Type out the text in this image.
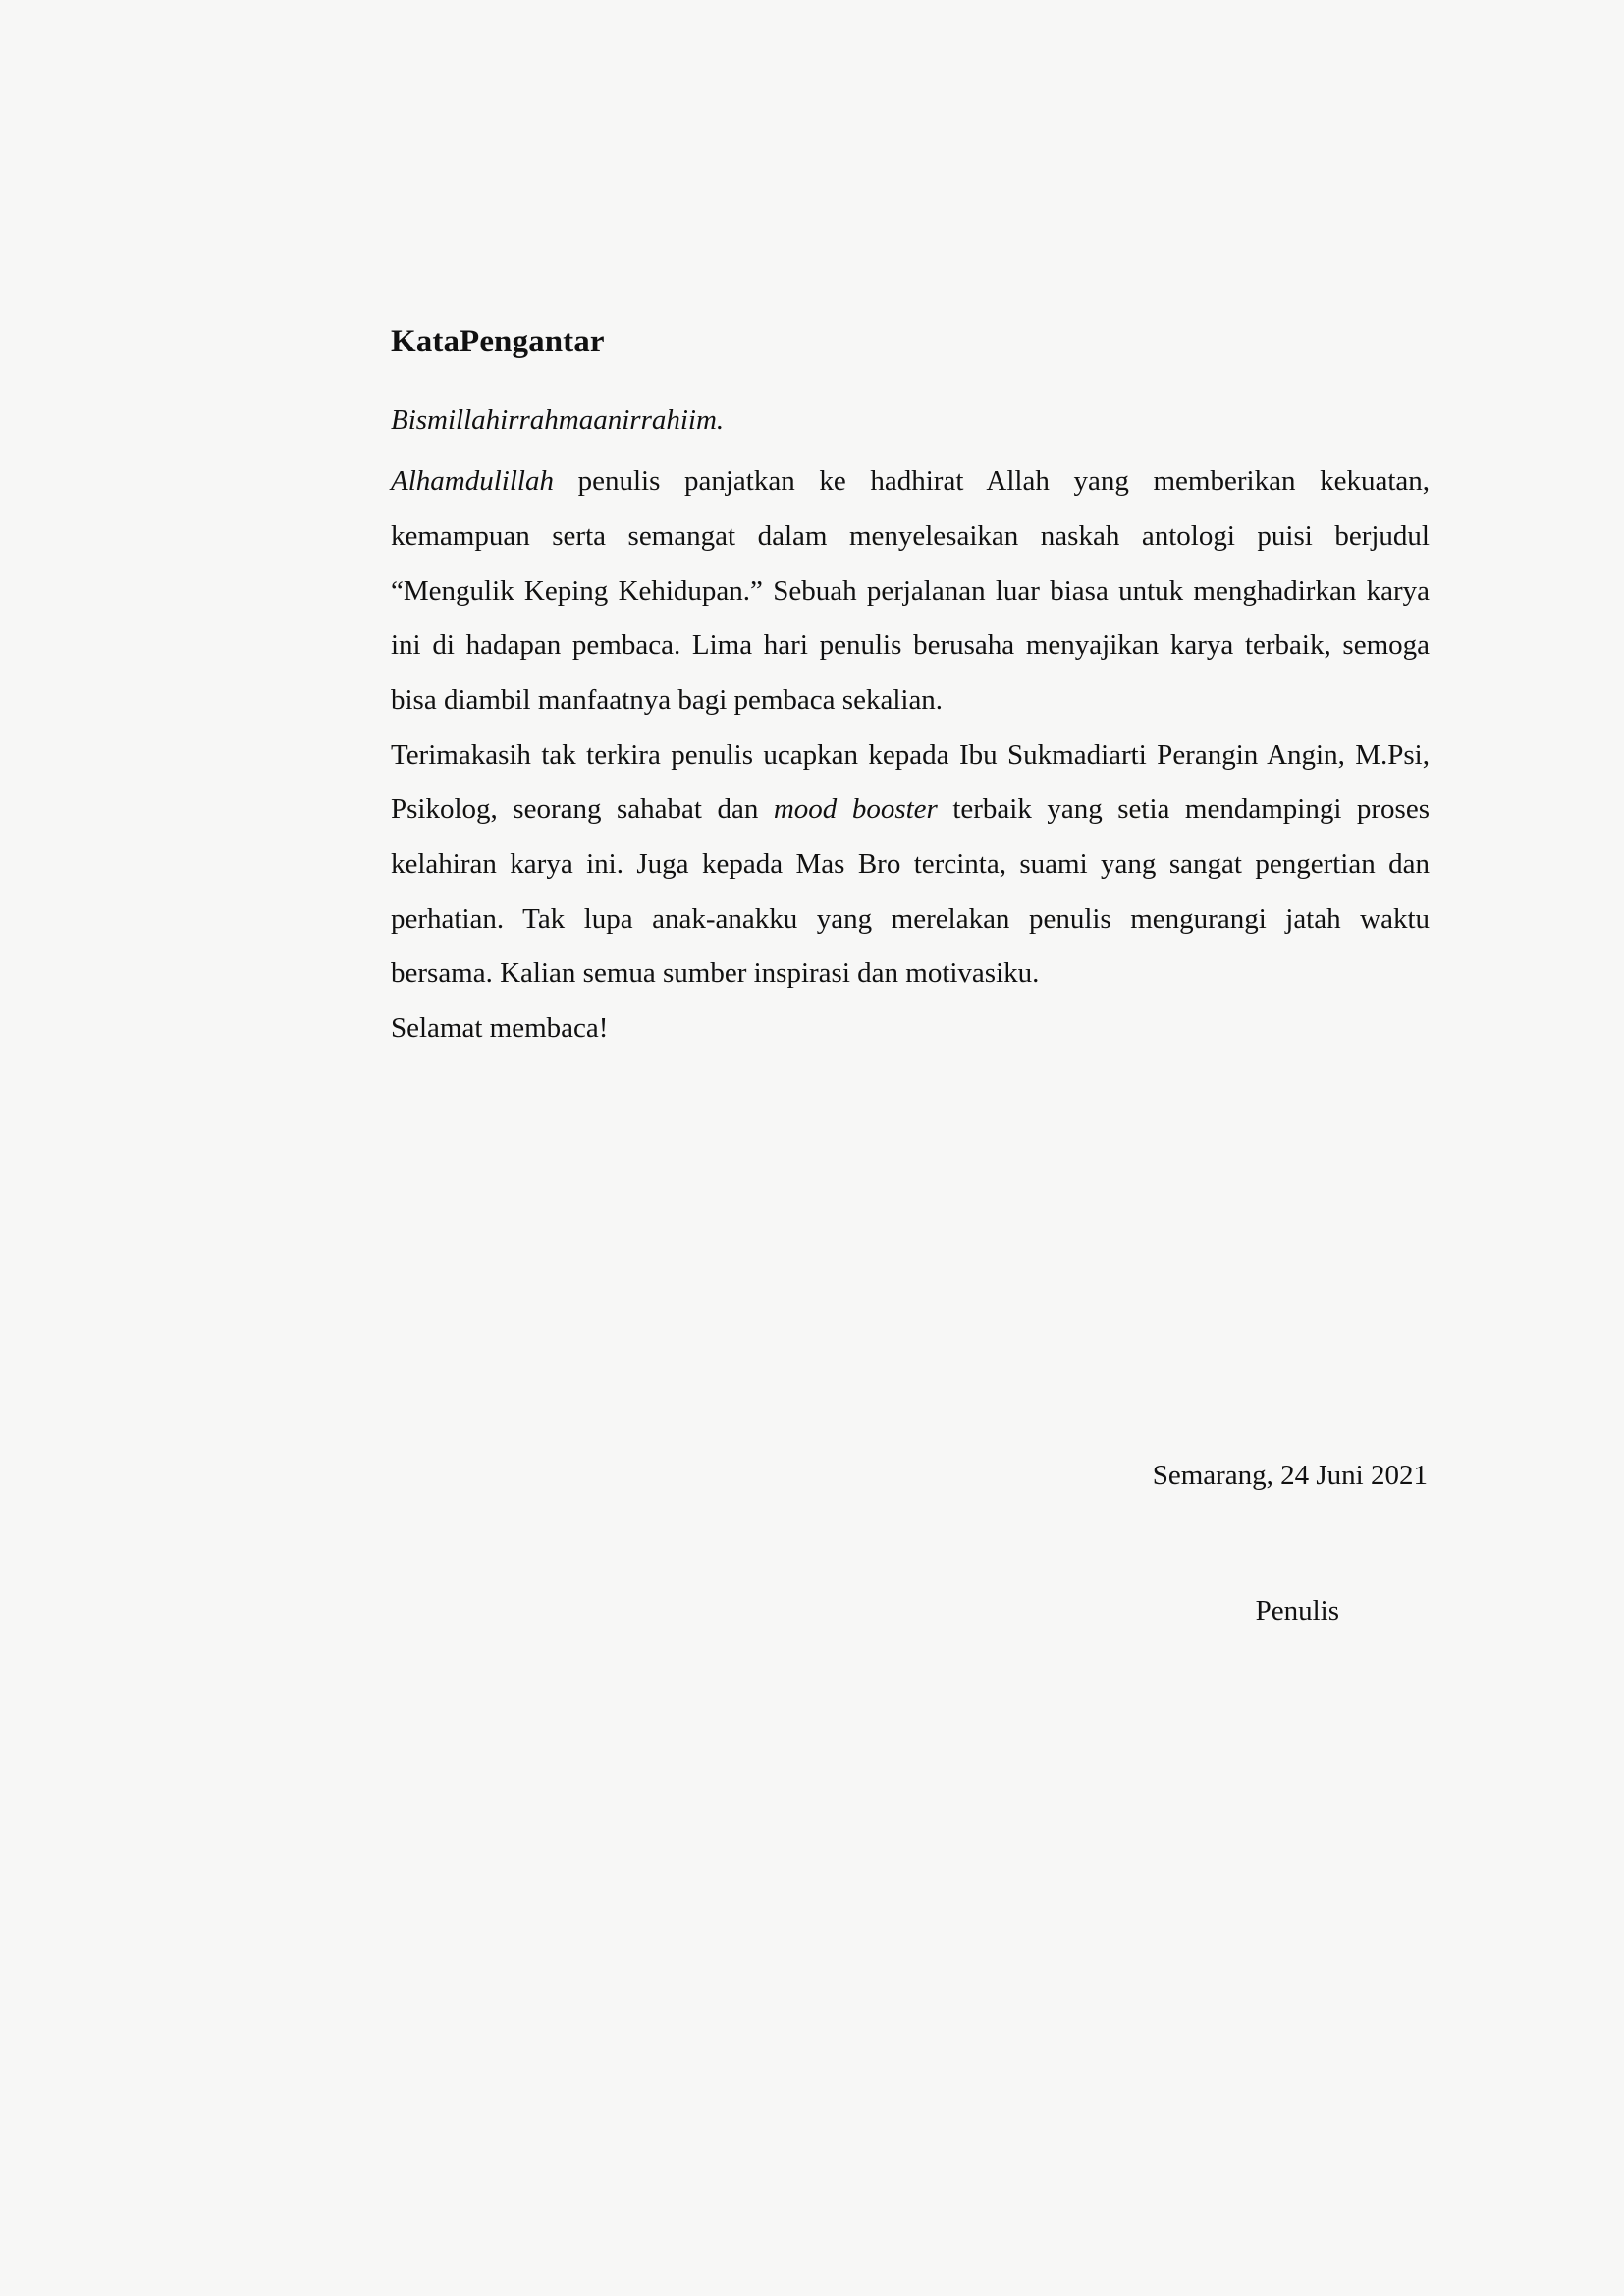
KataPengantar

Bismillahirrahmaanirrahiim.

Alhamdulillah penulis panjatkan ke hadhirat Allah yang memberikan kekuatan, kemampuan serta semangat dalam menyelesaikan naskah antologi puisi berjudul “Mengulik Keping Kehidupan.” Sebuah perjalanan luar biasa untuk menghadirkan karya ini di hadapan pembaca. Lima hari penulis berusaha menyajikan karya terbaik, semoga bisa diambil manfaatnya bagi pembaca sekalian.

Terimakasih tak terkira penulis ucapkan kepada Ibu Sukmadiarti Perangin Angin, M.Psi, Psikolog, seorang sahabat dan mood booster terbaik yang setia mendampingi proses kelahiran karya ini. Juga kepada Mas Bro tercinta, suami yang sangat pengertian dan perhatian. Tak lupa anak-anakku yang merelakan penulis mengurangi jatah waktu bersama. Kalian semua sumber inspirasi dan motivasiku.

Selamat membaca!

Semarang, 24 Juni 2021

Penulis
